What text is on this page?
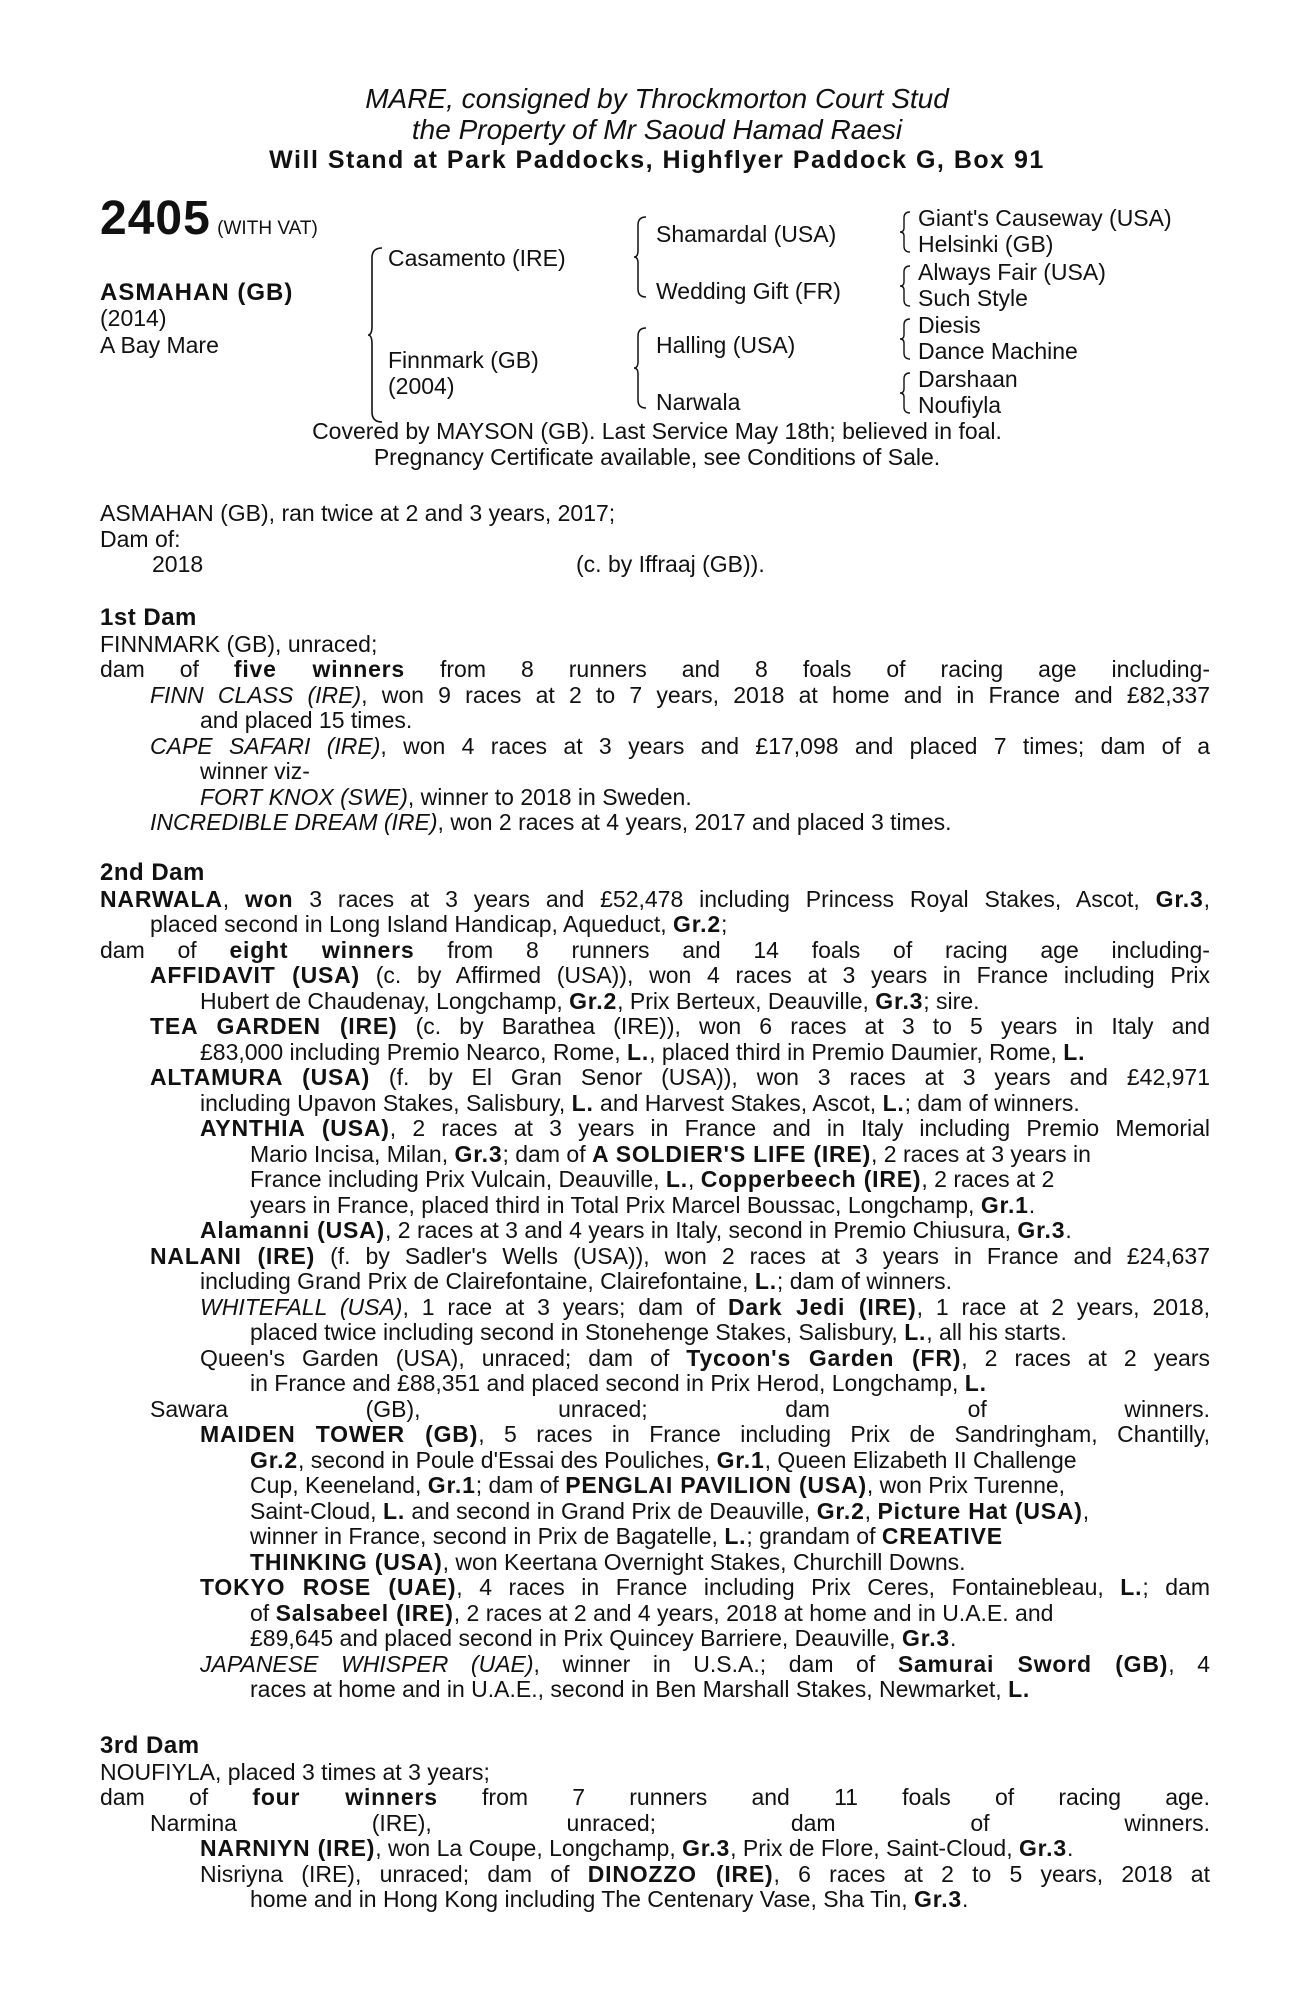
MARE, consigned by Throckmorton Court Stud
the Property of Mr Saoud Hamad Raesi
Will Stand at Park Paddocks, Highflyer Paddock G, Box 91
2405 (WITH VAT)
ASMAHAN (GB)
(2014)
A Bay Mare
Casamento (IRE)
Finnmark (GB)
(2004)
Shamardal (USA)
Wedding Gift (FR)
Halling (USA)
Narwala
Giant's Causeway (USA)
Helsinki (GB)
Always Fair (USA)
Such Style
Diesis
Dance Machine
Darshaan
Noufiyla
Covered by MAYSON (GB). Last Service May 18th; believed in foal.
Pregnancy Certificate available, see Conditions of Sale.
ASMAHAN (GB), ran twice at 2 and 3 years, 2017;
Dam of:
2018	(c. by Iffraaj (GB)).
1st Dam
FINNMARK (GB), unraced;
dam of five winners from 8 runners and 8 foals of racing age including-
FINN CLASS (IRE), won 9 races at 2 to 7 years, 2018 at home and in France and £82,337
and placed 15 times.
CAPE SAFARI (IRE), won 4 races at 3 years and £17,098 and placed 7 times; dam of a
winner viz-
FORT KNOX (SWE), winner to 2018 in Sweden.
INCREDIBLE DREAM (IRE), won 2 races at 4 years, 2017 and placed 3 times.
2nd Dam
NARWALA, won 3 races at 3 years and £52,478 including Princess Royal Stakes, Ascot, Gr.3,
placed second in Long Island Handicap, Aqueduct, Gr.2;
dam of eight winners from 8 runners and 14 foals of racing age including-
AFFIDAVIT (USA) (c. by Affirmed (USA)), won 4 races at 3 years in France including Prix
Hubert de Chaudenay, Longchamp, Gr.2, Prix Berteux, Deauville, Gr.3; sire.
TEA GARDEN (IRE) (c. by Barathea (IRE)), won 6 races at 3 to 5 years in Italy and
£83,000 including Premio Nearco, Rome, L., placed third in Premio Daumier, Rome, L.
ALTAMURA (USA) (f. by El Gran Senor (USA)), won 3 races at 3 years and £42,971
including Upavon Stakes, Salisbury, L. and Harvest Stakes, Ascot, L.; dam of winners.
AYNTHIA (USA), 2 races at 3 years in France and in Italy including Premio Memorial
Mario Incisa, Milan, Gr.3; dam of A SOLDIER'S LIFE (IRE), 2 races at 3 years in
France including Prix Vulcain, Deauville, L., Copperbeech (IRE), 2 races at 2
years in France, placed third in Total Prix Marcel Boussac, Longchamp, Gr.1.
Alamanni (USA), 2 races at 3 and 4 years in Italy, second in Premio Chiusura, Gr.3.
NALANI (IRE) (f. by Sadler's Wells (USA)), won 2 races at 3 years in France and £24,637
including Grand Prix de Clairefontaine, Clairefontaine, L.; dam of winners.
WHITEFALL (USA), 1 race at 3 years; dam of Dark Jedi (IRE), 1 race at 2 years, 2018,
placed twice including second in Stonehenge Stakes, Salisbury, L., all his starts.
Queen's Garden (USA), unraced; dam of Tycoon's Garden (FR), 2 races at 2 years
in France and £88,351 and placed second in Prix Herod, Longchamp, L.
Sawara (GB), unraced; dam of winners.
MAIDEN TOWER (GB), 5 races in France including Prix de Sandringham, Chantilly,
Gr.2, second in Poule d'Essai des Pouliches, Gr.1, Queen Elizabeth II Challenge
Cup, Keeneland, Gr.1; dam of PENGLAI PAVILION (USA), won Prix Turenne,
Saint-Cloud, L. and second in Grand Prix de Deauville, Gr.2, Picture Hat (USA),
winner in France, second in Prix de Bagatelle, L.; grandam of CREATIVE
THINKING (USA), won Keertana Overnight Stakes, Churchill Downs.
TOKYO ROSE (UAE), 4 races in France including Prix Ceres, Fontainebleau, L.; dam
of Salsabeel (IRE), 2 races at 2 and 4 years, 2018 at home and in U.A.E. and
£89,645 and placed second in Prix Quincey Barriere, Deauville, Gr.3.
JAPANESE WHISPER (UAE), winner in U.S.A.; dam of Samurai Sword (GB), 4
races at home and in U.A.E., second in Ben Marshall Stakes, Newmarket, L.
3rd Dam
NOUFIYLA, placed 3 times at 3 years;
dam of four winners from 7 runners and 11 foals of racing age.
Narmina (IRE), unraced; dam of winners.
NARNIYN (IRE), won La Coupe, Longchamp, Gr.3, Prix de Flore, Saint-Cloud, Gr.3.
Nisriyna (IRE), unraced; dam of DINOZZO (IRE), 6 races at 2 to 5 years, 2018 at
home and in Hong Kong including The Centenary Vase, Sha Tin, Gr.3.
